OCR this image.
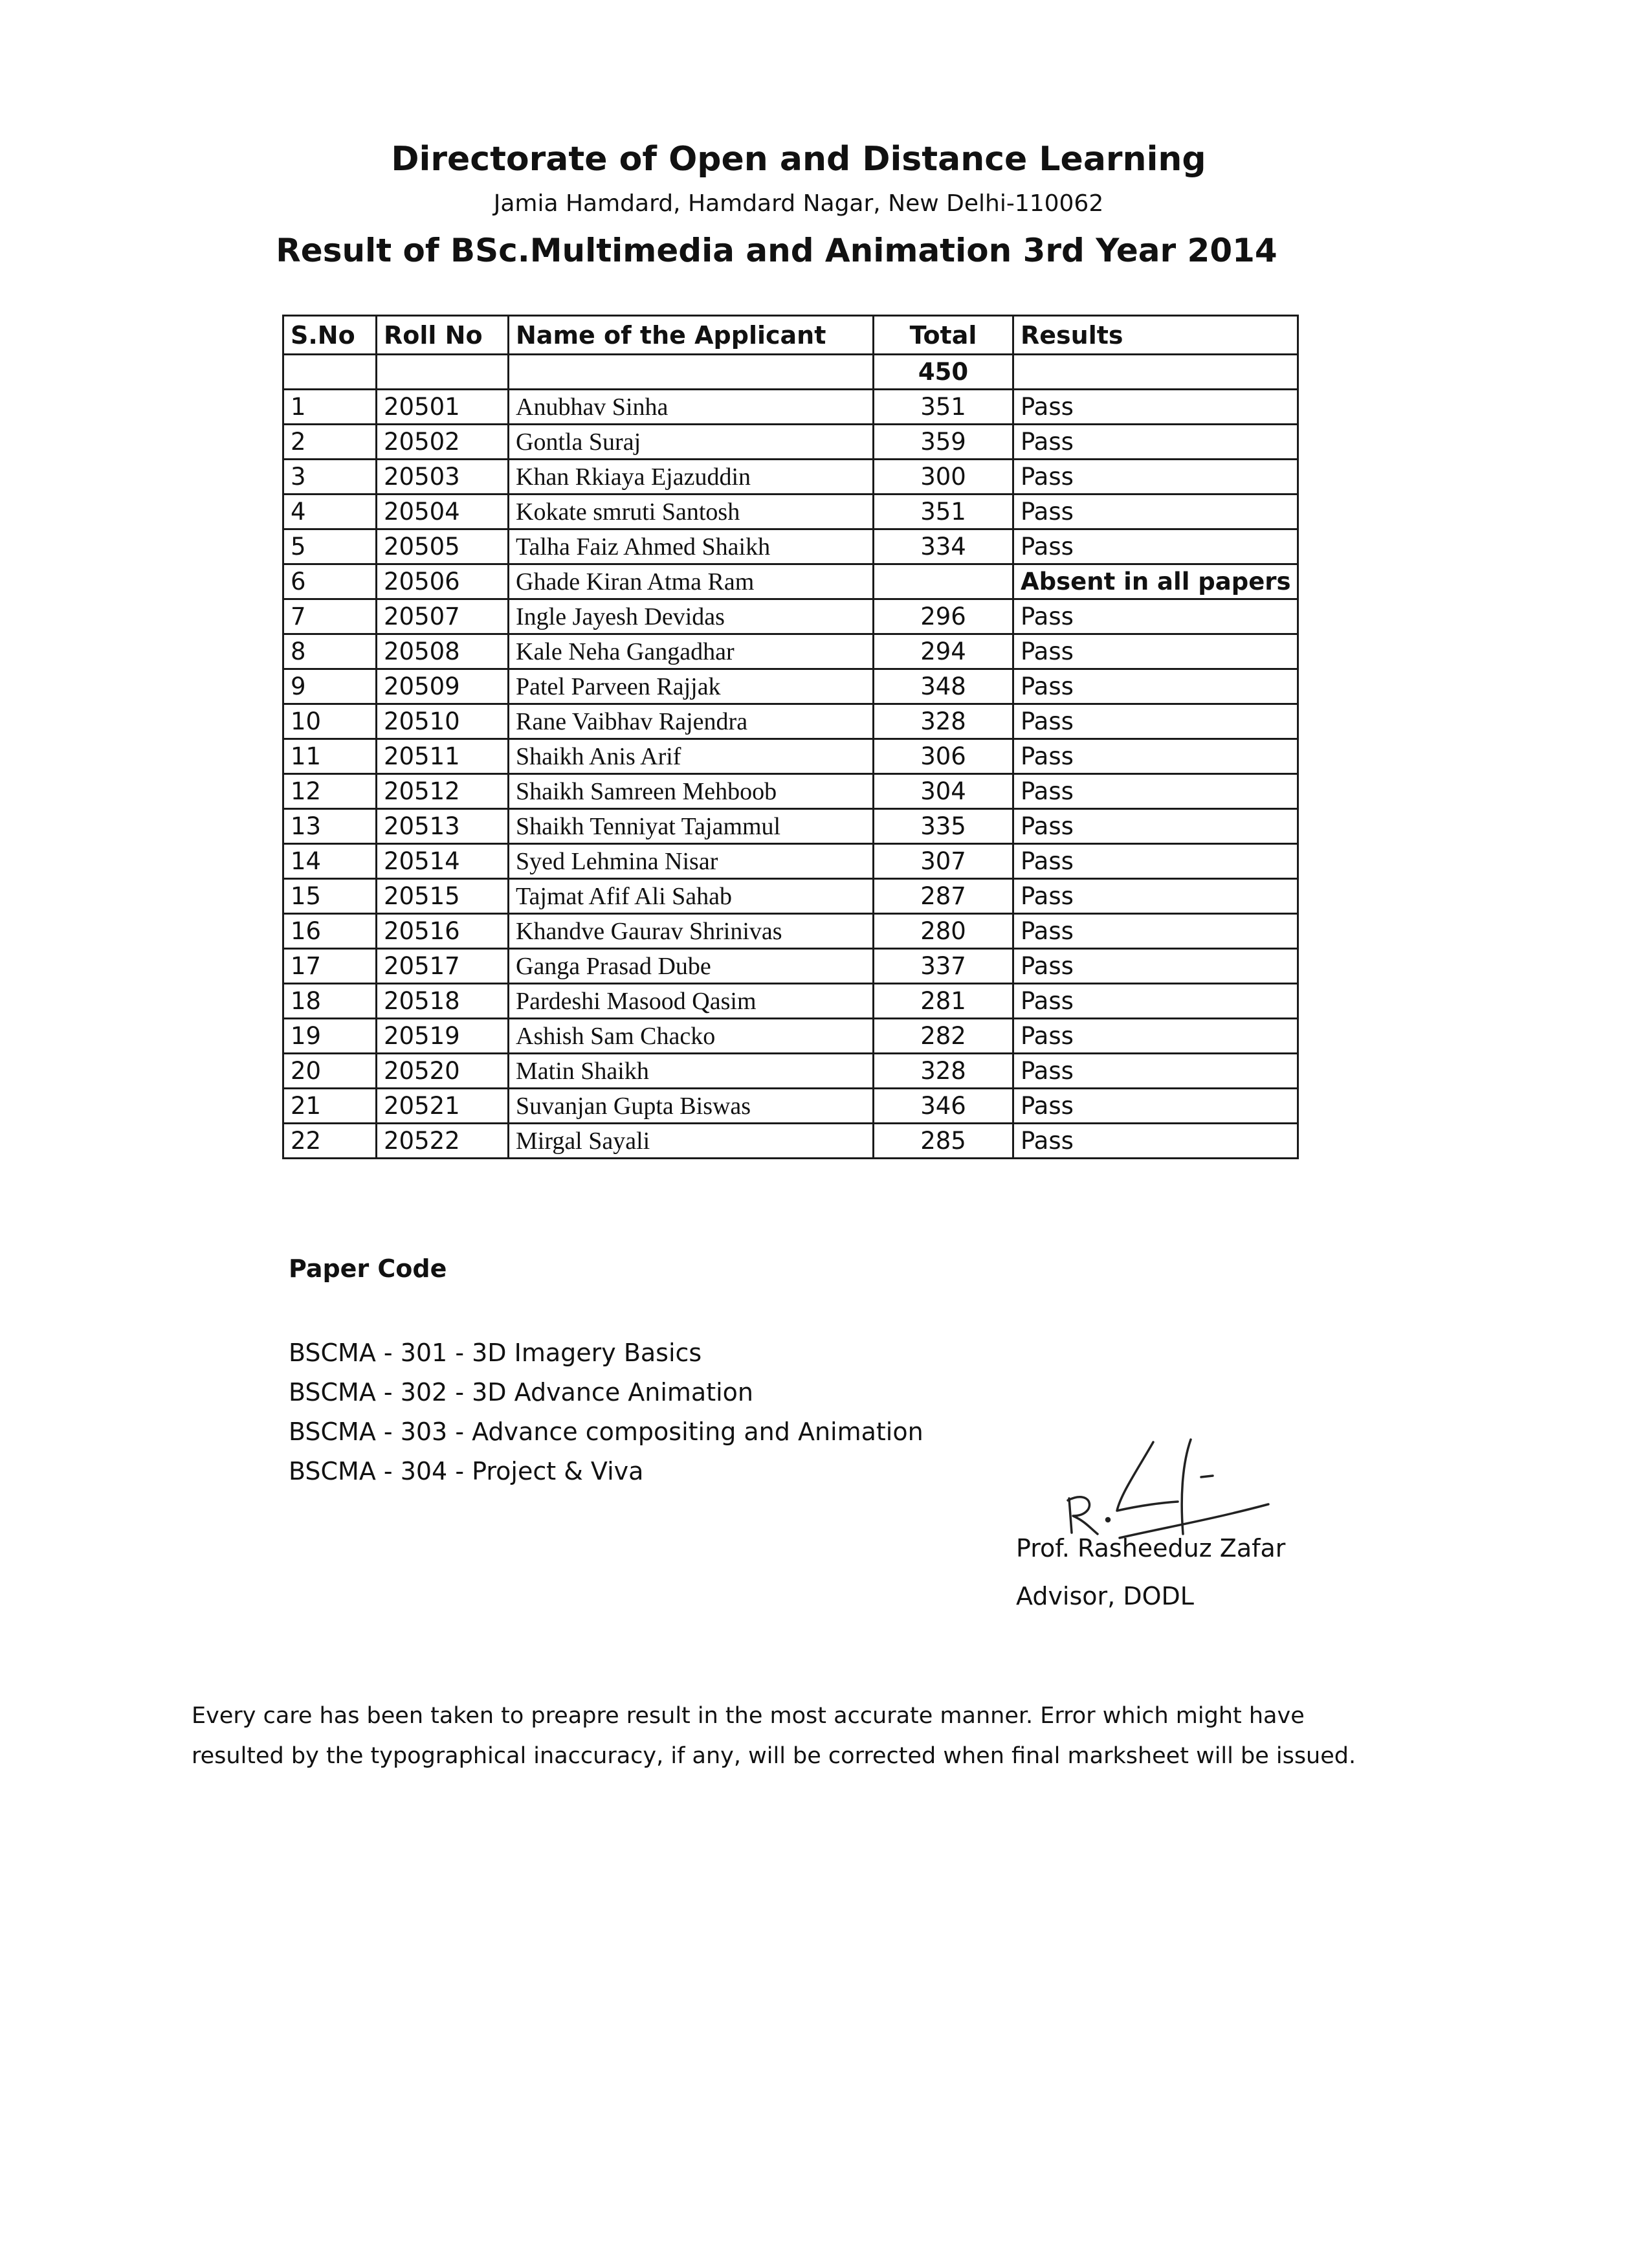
Directorate of Open and Distance Learning
Jamia Hamdard, Hamdard Nagar, New Delhi-110062
Result of BSc.Multimedia and Animation 3rd Year 2014
S.No	Roll No	Name of the Applicant	Total	Results
			450	
1	20501	Anubhav Sinha	351	Pass
2	20502	Gontla Suraj	359	Pass
3	20503	Khan Rkiaya Ejazuddin	300	Pass
4	20504	Kokate smruti Santosh	351	Pass
5	20505	Talha Faiz Ahmed Shaikh	334	Pass
6	20506	Ghade Kiran Atma Ram		Absent in all papers
7	20507	Ingle Jayesh Devidas	296	Pass
8	20508	Kale Neha Gangadhar	294	Pass
9	20509	Patel Parveen Rajjak	348	Pass
10	20510	Rane Vaibhav Rajendra	328	Pass
11	20511	Shaikh Anis Arif	306	Pass
12	20512	Shaikh Samreen Mehboob	304	Pass
13	20513	Shaikh Tenniyat Tajammul	335	Pass
14	20514	Syed Lehmina Nisar	307	Pass
15	20515	Tajmat Afif Ali Sahab	287	Pass
16	20516	Khandve Gaurav Shrinivas	280	Pass
17	20517	Ganga Prasad Dube	337	Pass
18	20518	Pardeshi Masood Qasim	281	Pass
19	20519	Ashish Sam Chacko	282	Pass
20	20520	Matin Shaikh	328	Pass
21	20521	Suvanjan Gupta Biswas	346	Pass
22	20522	Mirgal Sayali	285	Pass
Paper Code
BSCMA - 301 - 3D Imagery Basics
BSCMA - 302 - 3D Advance Animation
BSCMA - 303 - Advance compositing and Animation
BSCMA - 304 - Project & Viva
Prof. Rasheeduz Zafar
Advisor, DODL

Every care has been taken to preapre result in the most accurate manner. Error which might have

resulted by the typographical inaccuracy, if any, will be corrected when final marksheet will be issued.
